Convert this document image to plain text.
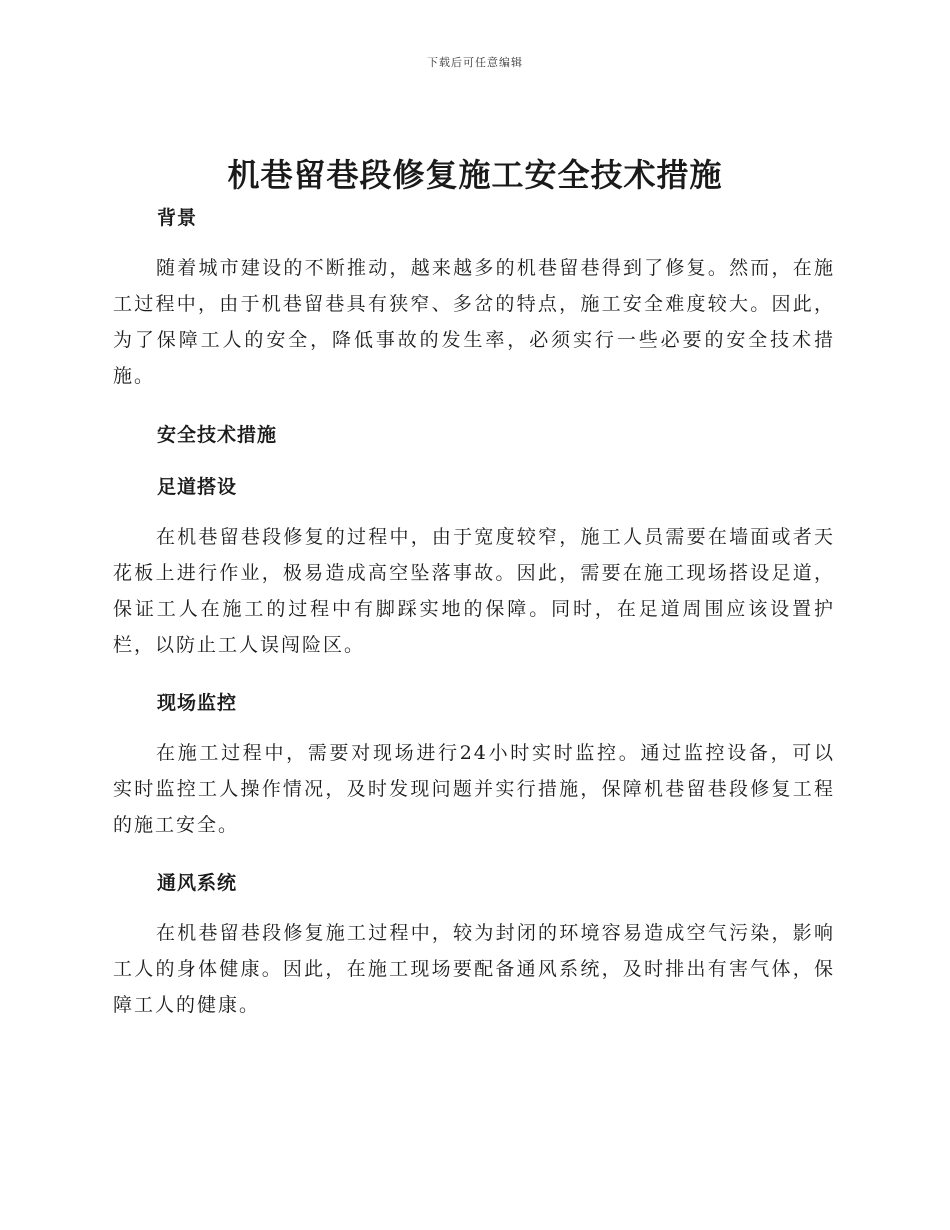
下载后可任意编辑
机巷留巷段修复施工安全技术措施
背景

随着城市建设的不断推动，越来越多的机巷留巷得到了修复。然而，在施工过程中，由于机巷留巷具有狭窄、多岔的特点，施工安全难度较大。因此，为了保障工人的安全，降低事故的发生率，必须实行一些必要的安全技术措施。

安全技术措施
足道搭设

在机巷留巷段修复的过程中，由于宽度较窄，施工人员需要在墙面或者天花板上进行作业，极易造成高空坠落事故。因此，需要在施工现场搭设足道，保证工人在施工的过程中有脚踩实地的保障。同时，在足道周围应该设置护栏，以防止工人误闯险区。

现场监控

在施工过程中，需要对现场进行24小时实时监控。通过监控设备，可以实时监控工人操作情况，及时发现问题并实行措施，保障机巷留巷段修复工程的施工安全。

通风系统

在机巷留巷段修复施工过程中，较为封闭的环境容易造成空气污染，影响工人的身体健康。因此，在施工现场要配备通风系统，及时排出有害气体，保障工人的健康。
